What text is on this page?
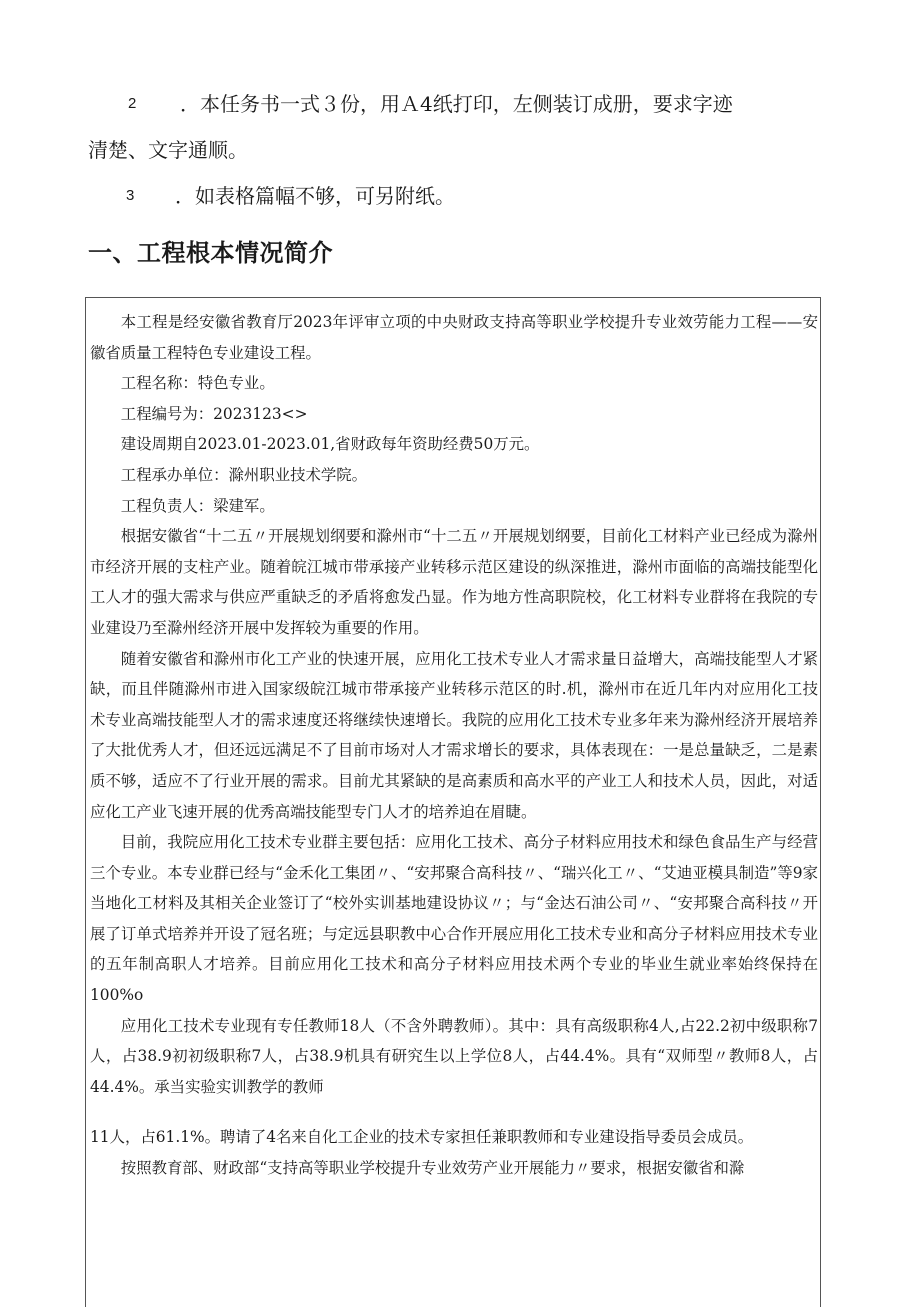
2 ．本任务书一式３份，用Ａ4纸打印，左侧装订成册，要求字迹
清楚、文字通顺。
3 ．如表格篇幅不够，可另附纸。
一、工程根本情况简介

本工程是经安徽省教育厅2023年评审立项的中央财政支持高等职业学校提升专业效劳能力工程——安徽省质量工程特色专业建设工程。

工程名称：特色专业。

工程编号为：2023123<>

建设周期自2023.01-2023.01,省财政每年资助经费50万元。

工程承办单位：滁州职业技术学院。

工程负责人：梁建军。

根据安徽省“十二五〃开展规划纲要和滁州市“十二五〃开展规划纲要，目前化工材料产业已经成为滁州市经济开展的支柱产业。随着皖江城市带承接产业转移示范区建设的纵深推进，滁州市面临的高端技能型化工人才的强大需求与供应严重缺乏的矛盾将愈发凸显。作为地方性高职院校，化工材料专业群将在我院的专业建设乃至滁州经济开展中发挥较为重要的作用。

随着安徽省和滁州市化工产业的快速开展，应用化工技术专业人才需求量日益增大，高端技能型人才紧缺，而且伴随滁州市进入国家级皖江城市带承接产业转移示范区的时.机，滁州市在近几年内对应用化工技术专业高端技能型人才的需求速度还将继续快速增长。我院的应用化工技术专业多年来为滁州经济开展培养了大批优秀人才，但还远远满足不了目前市场对人才需求增长的要求，具体表现在：一是总量缺乏，二是素质不够，适应不了行业开展的需求。目前尤其紧缺的是高素质和高水平的产业工人和技术人员，因此，对适应化工产业飞速开展的优秀高端技能型专门人才的培养迫在眉睫。

目前，我院应用化工技术专业群主要包括：应用化工技术、高分子材料应用技术和绿色食品生产与经营三个专业。本专业群已经与“金禾化工集团〃、“安邦聚合高科技〃、“瑞兴化工〃、“艾迪亚模具制造”等9家当地化工材料及其相关企业签订了“校外实训基地建设协议〃；与“金达石油公司〃、“安邦聚合高科技〃开展了订单式培养并开设了冠名班；与定远县职教中心合作开展应用化工技术专业和高分子材料应用技术专业的五年制高职人才培养。目前应用化工技术和高分子材料应用技术两个专业的毕业生就业率始终保持在100%o

应用化工技术专业现有专任教师18人（不含外聘教师）。其中：具有高级职称4人,占22.2初中级职称7人，占38.9初初级职称7人，占38.9机具有研究生以上学位8人，占44.4%。具有“双师型〃教师8人，占44.4%。承当实验实训教学的教师

11人，占61.1%。聘请了4名来自化工企业的技术专家担任兼职教师和专业建设指导委员会成员。

按照教育部、财政部“支持高等职业学校提升专业效劳产业开展能力〃要求，根据安徽省和滁
